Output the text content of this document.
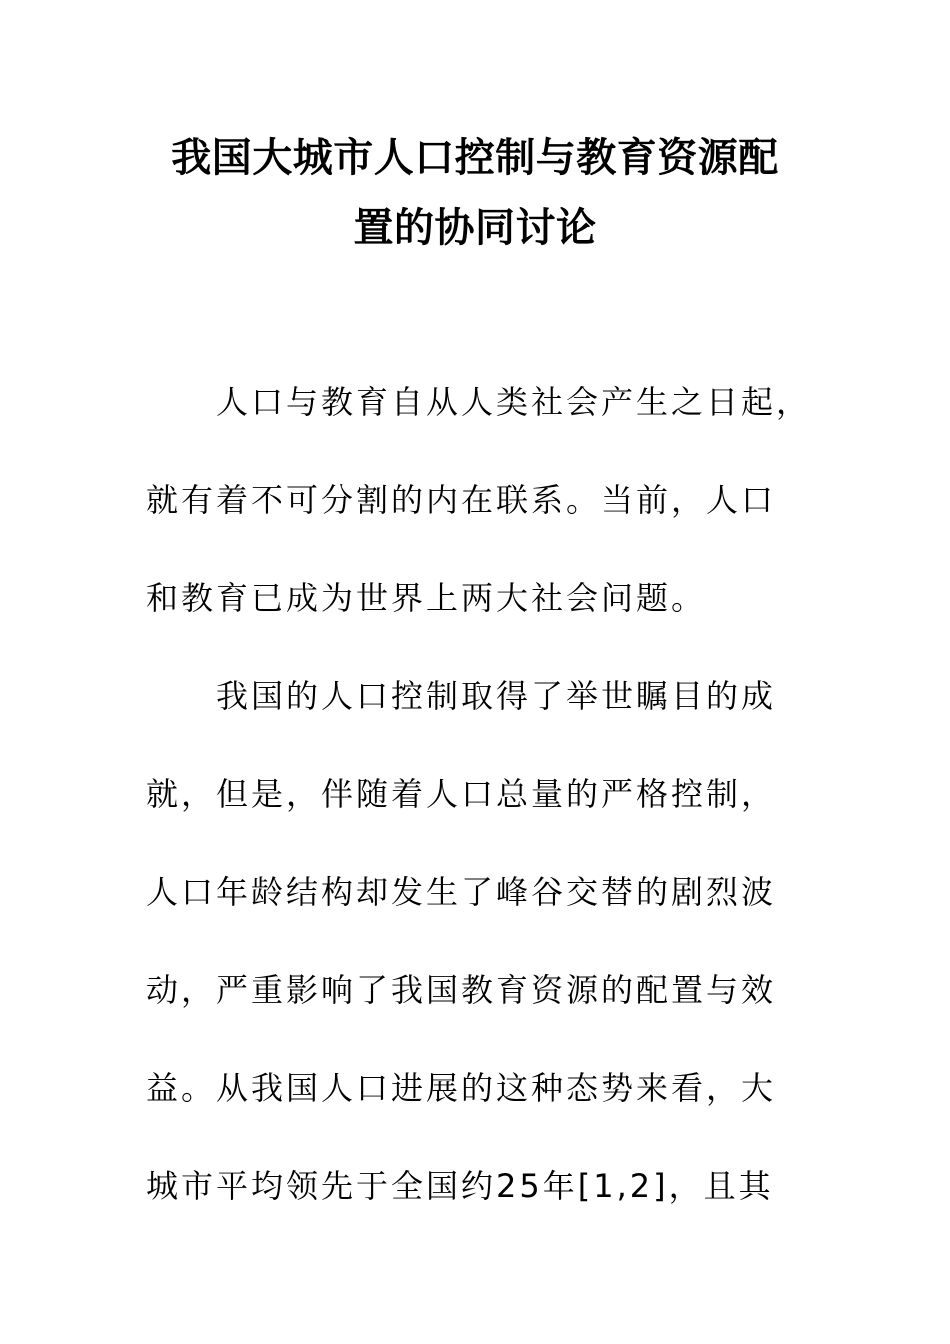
我国大城市人口控制与教育资源配
置的协同讨论
人口与教育自从人类社会产生之日起，
就有着不可分割的内在联系。当前，人口
和教育已成为世界上两大社会问题。
我国的人口控制取得了举世瞩目的成
就，但是，伴随着人口总量的严格控制，
人口年龄结构却发生了峰谷交替的剧烈波
动，严重影响了我国教育资源的配置与效
益。从我国人口进展的这种态势来看，大
城市平均领先于全国约25年[1,2]，且其
